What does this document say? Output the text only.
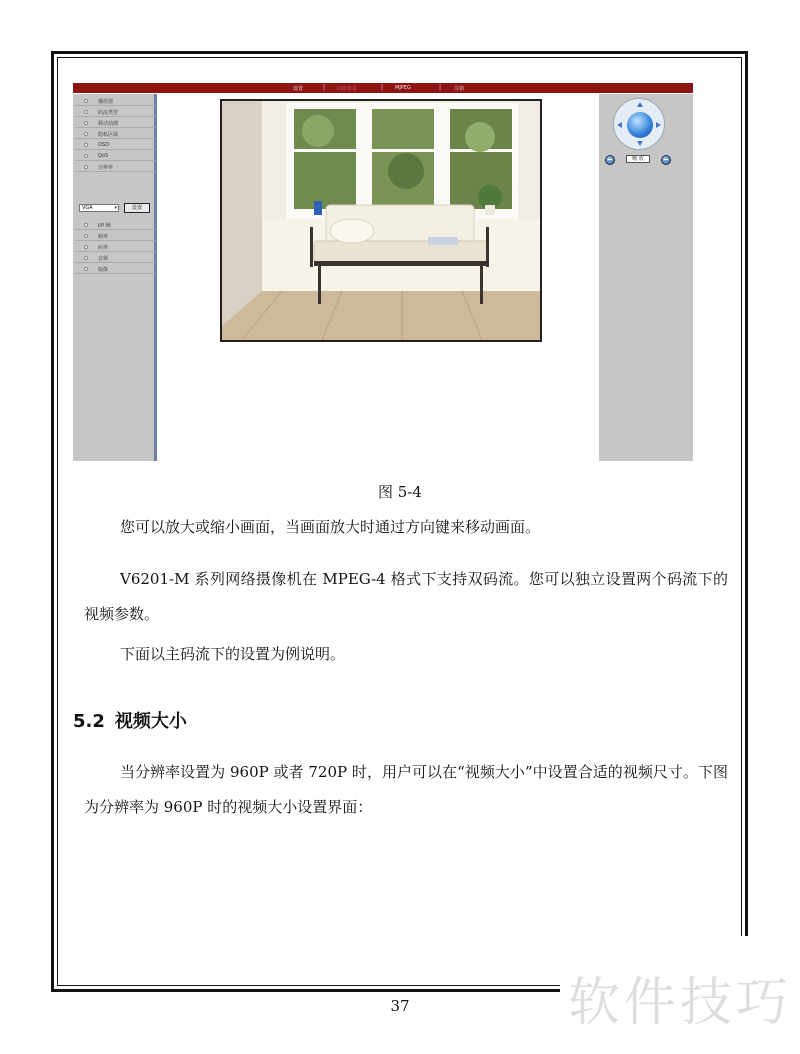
设置	| 回放查看	| MJPEG	|	注销
播放器
码流类型
移动侦测
隐私区域
OSD
QoS
分辨率
VGA	▾	设置
I/P 帧
帧率
码率
音频
镜像
缩 放
图 5-4

您可以放大或缩小画面，当画面放大时通过方向键来移动画面。

V6201-M 系列网络摄像机在 MPEG-4 格式下支持双码流。您可以独立设置两个码流下的视频参数。

下面以主码流下的设置为例说明。

5.2 视频大小

当分辨率设置为 960P 或者 720P 时，用户可以在“视频大小”中设置合适的视频尺寸。下图为分辨率为 960P 时的视频大小设置界面：

37	软件技巧
